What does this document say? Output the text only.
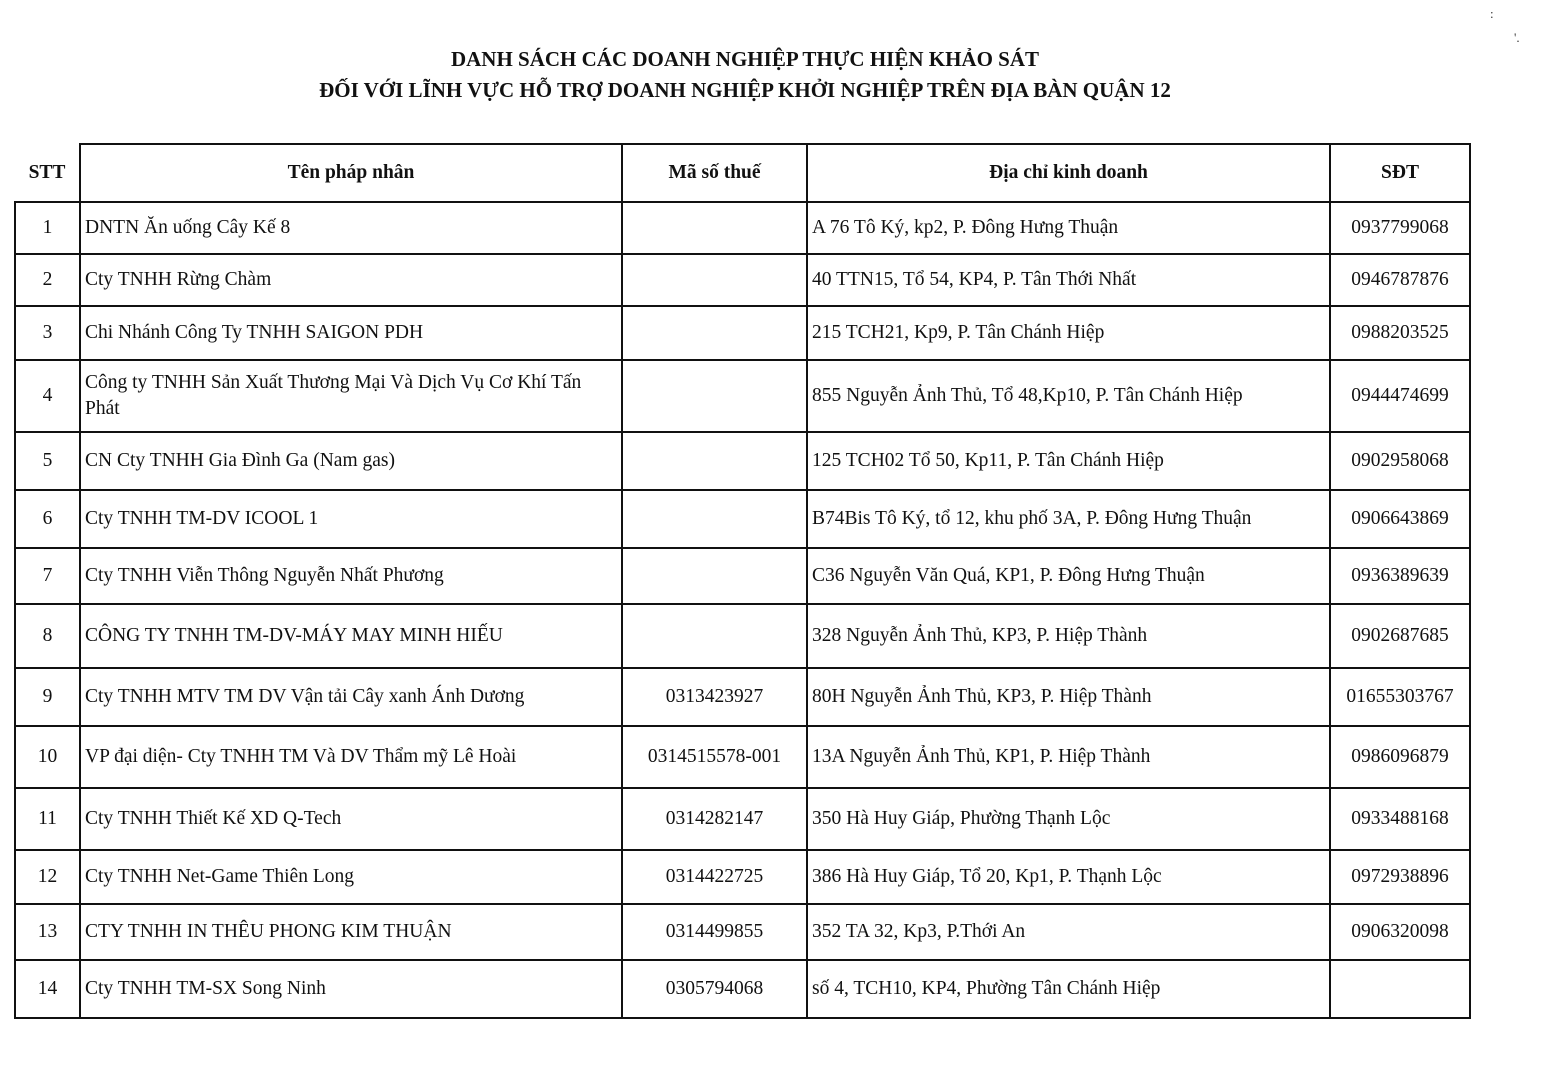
DANH SÁCH CÁC DOANH NGHIỆP THỰC HIỆN KHẢO SÁT
ĐỐI VỚI LĨNH VỰC HỖ TRỢ DOANH NGHIỆP KHỞI NGHIỆP TRÊN ĐỊA BÀN QUẬN 12
:
'.
STT	Tên pháp nhân	Mã số thuế	Địa chỉ kinh doanh	SĐT
1	DNTN Ăn uống Cây Kế 8		A 76 Tô Ký, kp2, P. Đông Hưng Thuận	0937799068
2	Cty TNHH Rừng Chàm		40 TTN15, Tổ 54, KP4, P. Tân Thới Nhất	0946787876
3	Chi Nhánh Công Ty TNHH SAIGON PDH		215 TCH21, Kp9, P. Tân Chánh Hiệp	0988203525
4	Công ty TNHH Sản Xuất Thương Mại Và Dịch Vụ Cơ Khí Tấn Phát		855 Nguyễn Ảnh Thủ, Tổ 48,Kp10, P. Tân Chánh Hiệp	0944474699
5	CN Cty TNHH Gia Đình Ga (Nam gas)		125 TCH02 Tổ 50, Kp11, P. Tân Chánh Hiệp	0902958068
6	Cty TNHH TM-DV ICOOL 1		B74Bis Tô Ký, tổ 12, khu phố 3A, P. Đông Hưng Thuận	0906643869
7	Cty TNHH Viễn Thông Nguyễn Nhất Phương		C36 Nguyễn Văn Quá, KP1, P. Đông Hưng Thuận	0936389639
8	CÔNG TY TNHH TM-DV-MÁY MAY MINH HIẾU		328 Nguyễn Ảnh Thủ, KP3, P. Hiệp Thành	0902687685
9	Cty TNHH MTV TM DV Vận tải Cây xanh Ánh Dương	0313423927	80H Nguyễn Ảnh Thủ, KP3, P. Hiệp Thành	01655303767
10	VP đại diện- Cty TNHH TM Và DV Thẩm mỹ Lê Hoài	0314515578-001	13A Nguyễn Ảnh Thủ, KP1, P. Hiệp Thành	0986096879
11	Cty TNHH Thiết Kế XD Q-Tech	0314282147	350 Hà Huy Giáp, Phường Thạnh Lộc	0933488168
12	Cty TNHH Net-Game Thiên Long	0314422725	386 Hà Huy Giáp, Tổ 20, Kp1, P. Thạnh Lộc	0972938896
13	CTY TNHH IN THÊU PHONG KIM THUẬN	0314499855	352 TA 32, Kp3, P.Thới An	0906320098
14	Cty TNHH TM-SX Song Ninh	0305794068	số 4, TCH10, KP4, Phường Tân Chánh Hiệp	
